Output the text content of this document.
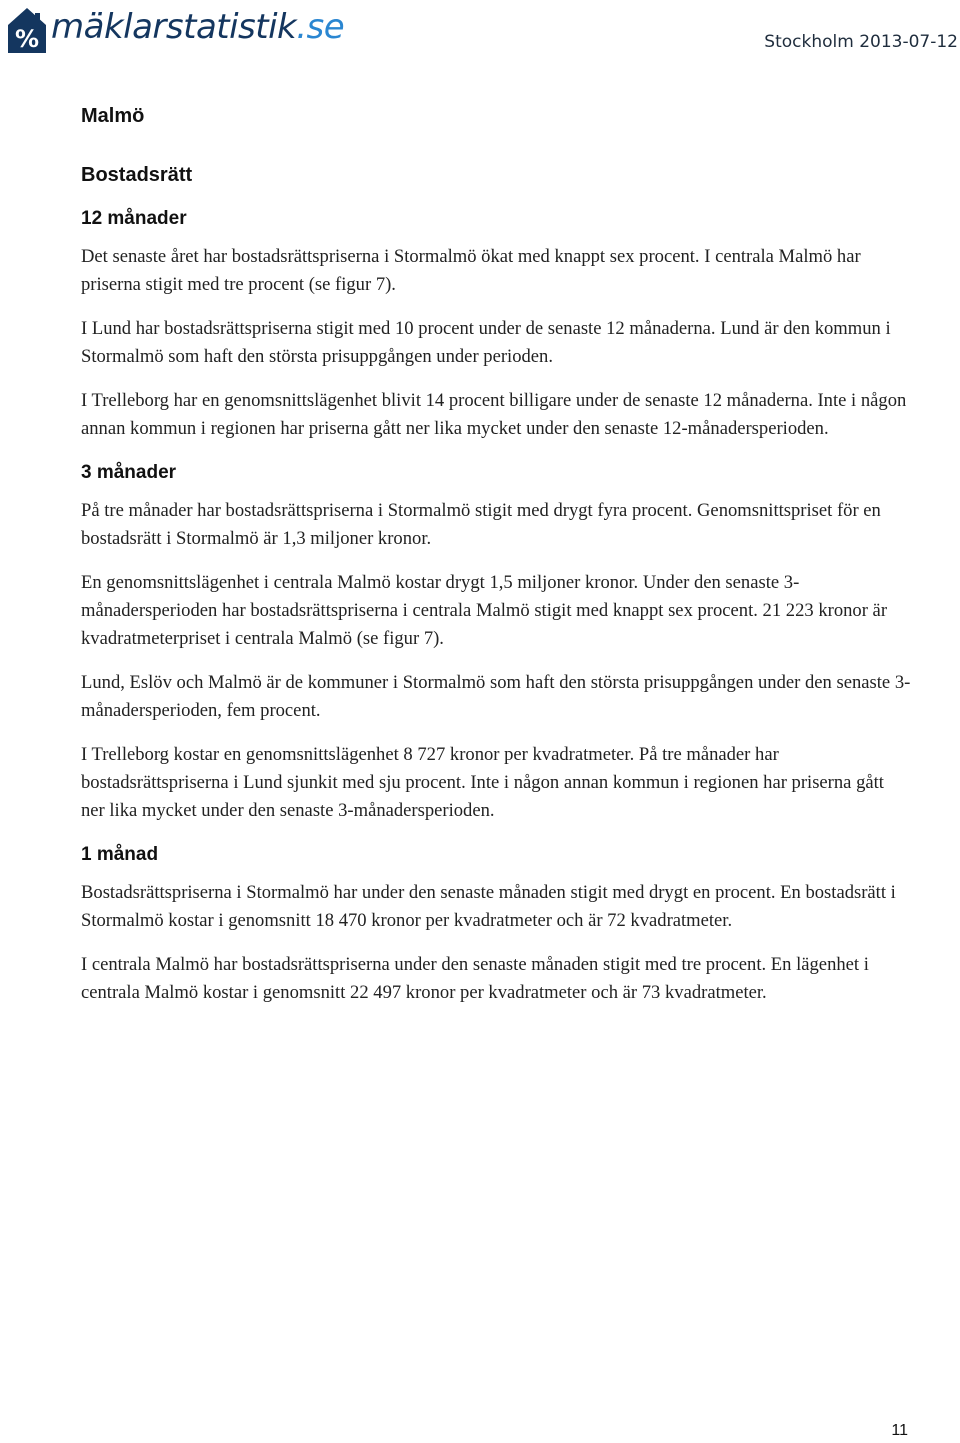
% mäklarstatistik.se	Stockholm 2013-07-12
Malmö
Bostadsrätt
12 månader

Det senaste året har bostadsrättspriserna i Stormalmö ökat med knappt sex procent. I centrala Malmö har priserna stigit med tre procent (se figur 7).

I Lund har bostadsrättspriserna stigit med 10 procent under de senaste 12 månaderna. Lund är den kommun i Stormalmö som haft den största prisuppgången under perioden.

I Trelleborg har en genomsnittslägenhet blivit 14 procent billigare under de senaste 12 månaderna. Inte i någon annan kommun i regionen har priserna gått ner lika mycket under den senaste 12-månadersperioden.

3 månader

På tre månader har bostadsrättspriserna i Stormalmö stigit med drygt fyra procent. Genomsnittspriset för en bostadsrätt i Stormalmö är 1,3 miljoner kronor.

En genomsnittslägenhet i centrala Malmö kostar drygt 1,5 miljoner kronor. Under den senaste 3-månadersperioden har bostadsrättspriserna i centrala Malmö stigit med knappt sex procent. 21 223 kronor är kvadratmeterpriset i centrala Malmö (se figur 7).

Lund, Eslöv och Malmö är de kommuner i Stormalmö som haft den största prisuppgången under den senaste 3-månadersperioden, fem procent.

I Trelleborg kostar en genomsnittslägenhet 8 727 kronor per kvadratmeter. På tre månader har bostadsrättspriserna i Lund sjunkit med sju procent. Inte i någon annan kommun i regionen har priserna gått ner lika mycket under den senaste 3-månadersperioden.

1 månad

Bostadsrättspriserna i Stormalmö har under den senaste månaden stigit med drygt en procent. En bostadsrätt i Stormalmö kostar i genomsnitt 18 470 kronor per kvadratmeter och är 72 kvadratmeter.

I centrala Malmö har bostadsrättspriserna under den senaste månaden stigit med tre procent. En lägenhet i centrala Malmö kostar i genomsnitt 22 497 kronor per kvadratmeter och är 73 kvadratmeter.

11
